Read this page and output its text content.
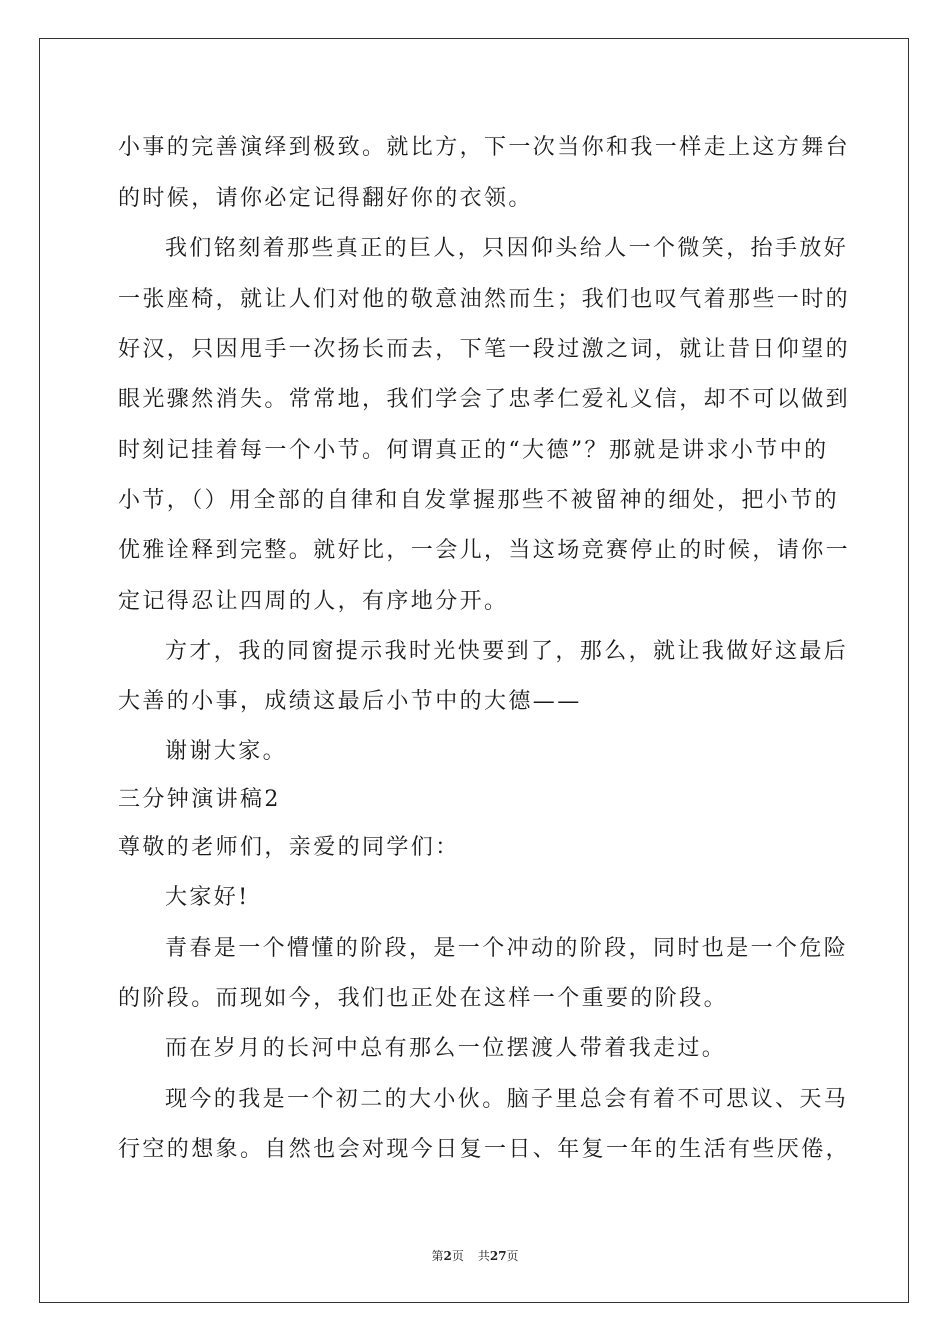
小事的完善演绎到极致。就比方，下一次当你和我一样走上这方舞台
的时候，请你必定记得翻好你的衣领。
我们铭刻着那些真正的巨人，只因仰头给人一个微笑，抬手放好
一张座椅，就让人们对他的敬意油然而生；我们也叹气着那些一时的
好汉，只因甩手一次扬长而去，下笔一段过激之词，就让昔日仰望的
眼光骤然消失。常常地，我们学会了忠孝仁爱礼义信，却不可以做到
时刻记挂着每一个小节。何谓真正的“大德”？那就是讲求小节中的
小节，（）用全部的自律和自发掌握那些不被留神的细处，把小节的
优雅诠释到完整。就好比，一会儿，当这场竞赛停止的时候，请你一
定记得忍让四周的人，有序地分开。
方才，我的同窗提示我时光快要到了，那么，就让我做好这最后
大善的小事，成绩这最后小节中的大德——
谢谢大家。
三分钟演讲稿2
尊敬的老师们，亲爱的同学们：
大家好!
青春是一个懵懂的阶段，是一个冲动的阶段，同时也是一个危险
的阶段。而现如今，我们也正处在这样一个重要的阶段。
而在岁月的长河中总有那么一位摆渡人带着我走过。
现今的我是一个初二的大小伙。脑子里总会有着不可思议、天马
行空的想象。自然也会对现今日复一日、年复一年的生活有些厌倦，
第2页 共27页
